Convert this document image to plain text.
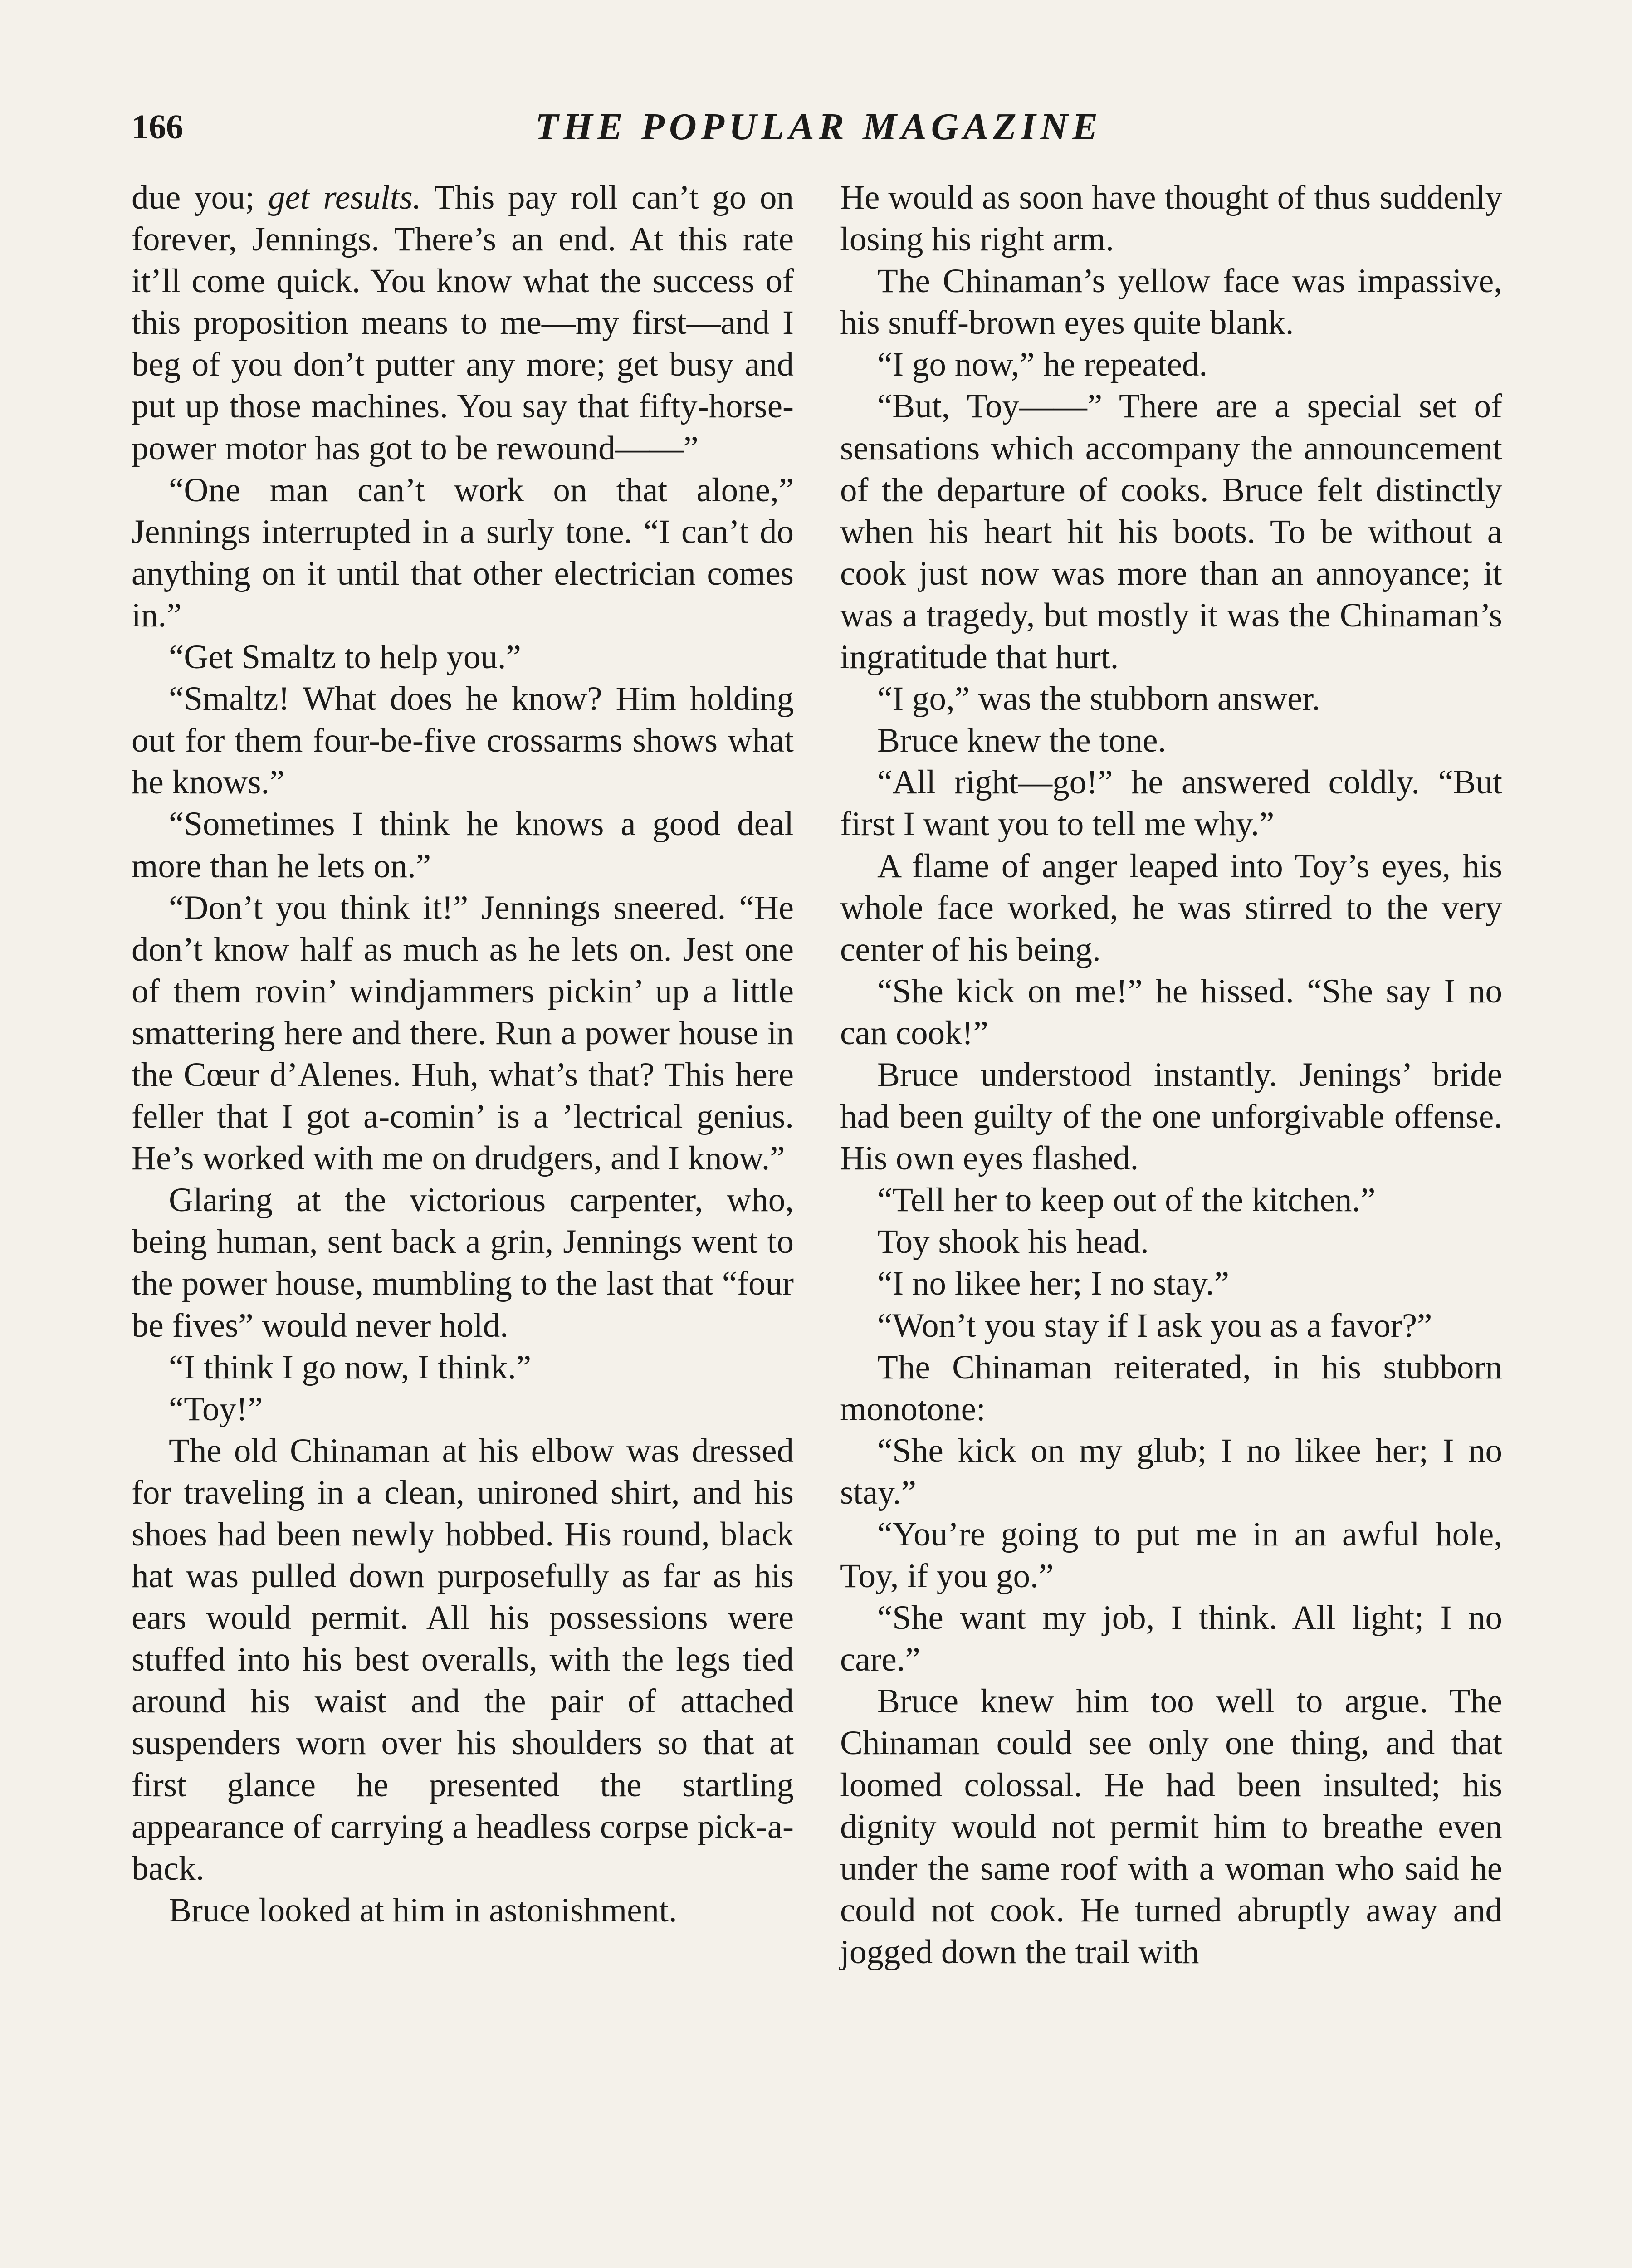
166	THE POPULAR MAGAZINE

due you; get results. This pay roll can’t go on forever, Jennings. There’s an end. At this rate it’ll come quick. You know what the success of this proposition means to me—my first—and I beg of you don’t putter any more; get busy and put up those machines. You say that fifty-horse-power motor has got to be rewound——”

“One man can’t work on that alone,” Jennings interrupted in a surly tone. “I can’t do anything on it until that other electrician comes in.”

“Get Smaltz to help you.”

“Smaltz! What does he know? Him holding out for them four-be-five crossarms shows what he knows.”

“Sometimes I think he knows a good deal more than he lets on.”

“Don’t you think it!” Jennings sneered. “He don’t know half as much as he lets on. Jest one of them rovin’ windjammers pickin’ up a little smattering here and there. Run a power house in the Cœur d’Alenes. Huh, what’s that? This here feller that I got a-comin’ is a ’lectrical genius. He’s worked with me on drudgers, and I know.”

Glaring at the victorious carpenter, who, being human, sent back a grin, Jennings went to the power house, mumbling to the last that “four be fives” would never hold.

“I think I go now, I think.”

“Toy!”

The old Chinaman at his elbow was dressed for traveling in a clean, unironed shirt, and his shoes had been newly hobbed. His round, black hat was pulled down purposefully as far as his ears would permit. All his possessions were stuffed into his best overalls, with the legs tied around his waist and the pair of attached suspenders worn over his shoulders so that at first glance he presented the startling appearance of carrying a headless corpse pick-a-back.

Bruce looked at him in astonishment.

He would as soon have thought of thus suddenly losing his right arm.

The Chinaman’s yellow face was impassive, his snuff-brown eyes quite blank.

“I go now,” he repeated.

“But, Toy——” There are a special set of sensations which accompany the announcement of the departure of cooks. Bruce felt distinctly when his heart hit his boots. To be without a cook just now was more than an annoyance; it was a tragedy, but mostly it was the Chinaman’s ingratitude that hurt.

“I go,” was the stubborn answer.

Bruce knew the tone.

“All right—go!” he answered coldly. “But first I want you to tell me why.”

A flame of anger leaped into Toy’s eyes, his whole face worked, he was stirred to the very center of his being.

“She kick on me!” he hissed. “She say I no can cook!”

Bruce understood instantly. Jenings’ bride had been guilty of the one unforgivable offense. His own eyes flashed.

“Tell her to keep out of the kitchen.”

Toy shook his head.

“I no likee her; I no stay.”

“Won’t you stay if I ask you as a favor?”

The Chinaman reiterated, in his stubborn monotone:

“She kick on my glub; I no likee her; I no stay.”

“You’re going to put me in an awful hole, Toy, if you go.”

“She want my job, I think. All light; I no care.”

Bruce knew him too well to argue. The Chinaman could see only one thing, and that loomed colossal. He had been insulted; his dignity would not permit him to breathe even under the same roof with a woman who said he could not cook. He turned abruptly away and jogged down the trail with
